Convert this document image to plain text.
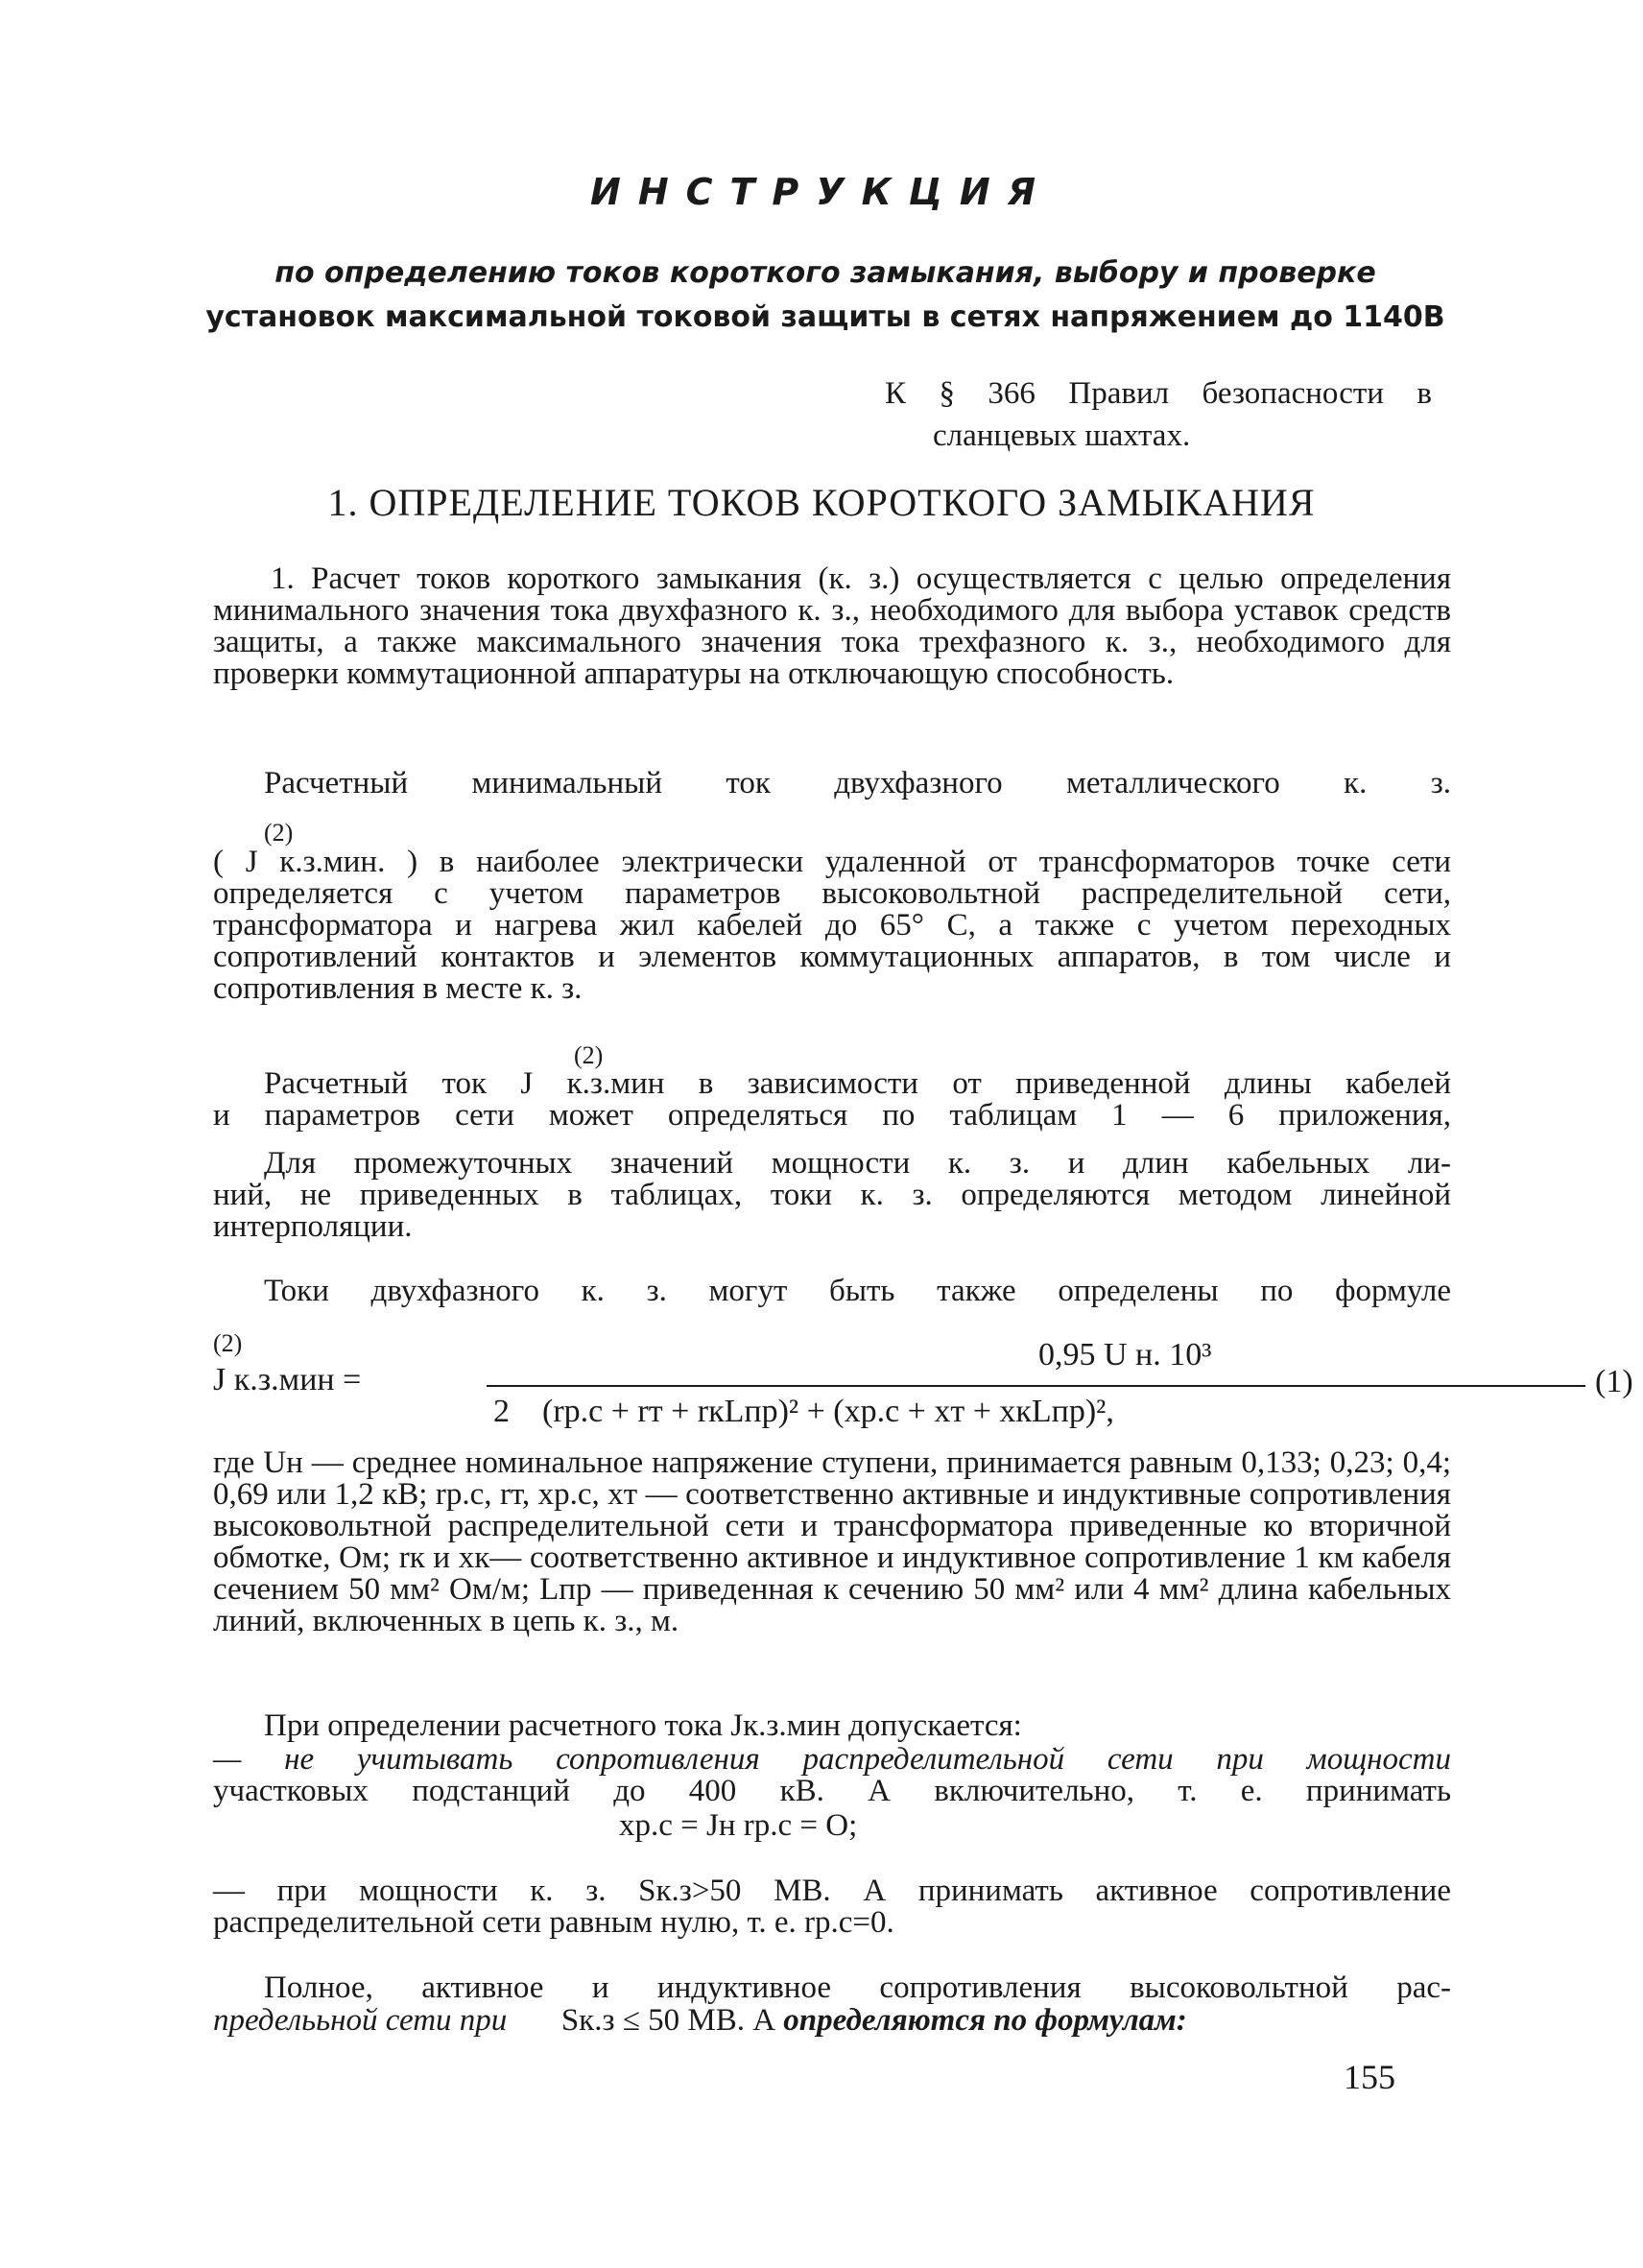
ИНСТРУКЦИЯ
по определению токов короткого замыкания, выбору и проверке
установок максимальной токовой защиты в сетях напряжением до 1140В
К § 366 Правил безопасности в
сланцевых шахтах.
1. ОПРЕДЕЛЕНИЕ ТОКОВ КОРОТКОГО ЗАМЫКАНИЯ
1. Расчет токов короткого замыкания (к. з.) осуществляется с целью определения минимального значения тока двухфазного к. з., необходимого для выбора уставок средств защиты, а также максимального значения тока трехфазного к. з., необходимого для проверки коммутационной аппаратуры на отключающую способность.
Расчетный минимальный ток двухфазного металлического к. з.
(2)
( J к.з.мин. ) в наиболее электрически удаленной от трансформаторов точке сети определяется с учетом параметров высоковольтной распределительной сети, трансформатора и нагрева жил кабелей до 65° С, а также с учетом переходных сопротивлений контактов и элементов коммутационных аппаратов, в том числе и сопротивления в месте к. з.
(2)
Расчетный ток J к.з.мин в зависимости от приведенной длины кабелей
и параметров сети может определяться по таблицам 1 — 6 приложения,
Для промежуточных значений мощности к. з. и длин кабельных ли-
ний, не приведенных в таблицах, токи к. з. определяются методом линейной интерполяции.
Токи двухфазного к. з. могут быть также определены по формуле
(2)
J к.з.мин =
0,95 U н. 10³
2    (rр.с + rт + rкLпр)² + (xр.с + xт + xкLпр)²,
(1)
где Uн — среднее номинальное напряжение ступени, принимается равным 0,133; 0,23; 0,4; 0,69 или 1,2 кВ; rр.с, rт, xр.с, xт — соответственно активные и индуктивные сопротивления высоковольтной распределительной сети и трансформатора приведенные ко вторичной обмотке, Ом; rк и xк— соответственно активное и индуктивное сопротивление 1 км кабеля сечением 50 мм² Ом/м; Lпр — приведенная к сечению 50 мм² или 4 мм² длина кабельных линий, включенных в цепь к. з., м.
При определении расчетного тока Jк.з.мин допускается:
— не учитывать сопротивления распределительной сети при мощности
участковых подстанций до 400 кВ. А включительно, т. е. принимать
xр.с = Jн rр.с = О;
— при мощности к. з. Sк.з>50 МВ. А принимать активное сопротивление распределительной сети равным нулю, т. е. rр.с=0.
Полное, активное и индуктивное сопротивления высоковольтной рас-
пределььной сети при Sк.з ≤ 50 МВ. А определяются по формулам:
155
